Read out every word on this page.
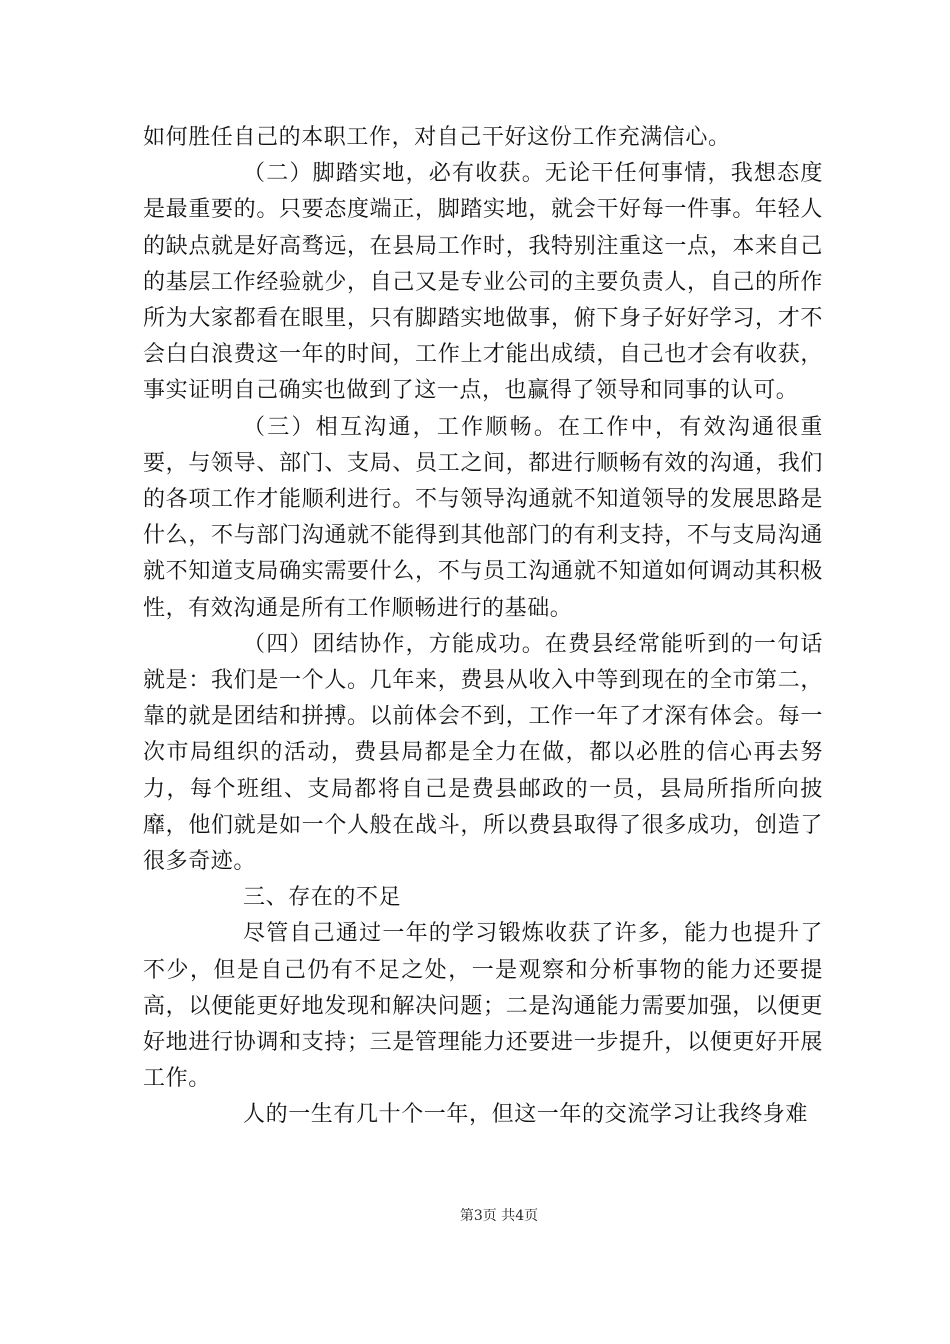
如何胜任自己的本职工作，对自己干好这份工作充满信心。

（二）脚踏实地，必有收获。无论干任何事情，我想态度是最重要的。只要态度端正，脚踏实地，就会干好每一件事。年轻人的缺点就是好高骛远，在县局工作时，我特别注重这一点，本来自己的基层工作经验就少，自己又是专业公司的主要负责人，自己的所作所为大家都看在眼里，只有脚踏实地做事，俯下身子好好学习，才不会白白浪费这一年的时间，工作上才能出成绩，自己也才会有收获，事实证明自己确实也做到了这一点，也赢得了领导和同事的认可。

（三）相互沟通，工作顺畅。在工作中，有效沟通很重要，与领导、部门、支局、员工之间，都进行顺畅有效的沟通，我们的各项工作才能顺利进行。不与领导沟通就不知道领导的发展思路是什么，不与部门沟通就不能得到其他部门的有利支持，不与支局沟通就不知道支局确实需要什么，不与员工沟通就不知道如何调动其积极性，有效沟通是所有工作顺畅进行的基础。

（四）团结协作，方能成功。在费县经常能听到的一句话就是：我们是一个人。几年来，费县从收入中等到现在的全市第二，靠的就是团结和拼搏。以前体会不到，工作一年了才深有体会。每一次市局组织的活动，费县局都是全力在做，都以必胜的信心再去努力，每个班组、支局都将自己是费县邮政的一员，县局所指所向披靡，他们就是如一个人般在战斗，所以费县取得了很多成功，创造了很多奇迹。

三、存在的不足

尽管自己通过一年的学习锻炼收获了许多，能力也提升了不少，但是自己仍有不足之处，一是观察和分析事物的能力还要提高，以便能更好地发现和解决问题；二是沟通能力需要加强，以便更好地进行协调和支持；三是管理能力还要进一步提升，以便更好开展工作。

人的一生有几十个一年，但这一年的交流学习让我终身难

第3页 共4页
